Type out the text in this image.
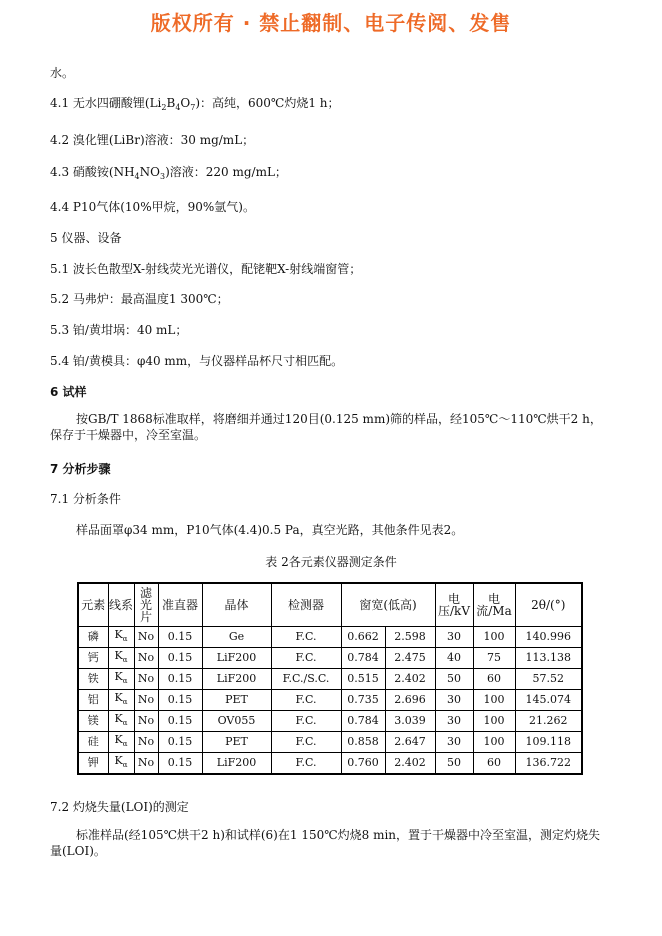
版权所有 · 禁止翻制、电子传阅、发售
水。
4.1 无水四硼酸锂$(Li_2B_4O_7)$：高纯，600℃灼烧1 h；
4.2 溴化锂(LiBr)溶液：30 mg/mL；
4.3 硝酸铵$(NH_4NO_3)$溶液：220 mg/mL；
4.4 P10气体(10%甲烷，90%氩气)。
5 仪器、设备
5.1 波长色散型X-射线荧光光谱仪，配铑靶X-射线端窗管；
5.2 马弗炉：最高温度1 300℃；
5.3 铂/黄坩埚：40 mL；
5.4 铂/黄模具：φ40 mm，与仪器样品杯尺寸相匹配。
6 试样
按GB/T 1868标准取样，将磨细并通过120目(0.125 mm)筛的样品，经105℃～110℃烘干2 h，保存于干燥器中，冷至室温。
7 分析步骤
7.1 分析条件
样品面罩φ34 mm，P10气体(4.4)0.5 Pa，真空光路，其他条件见表2。
表 2各元素仪器测定条件
元素	线系	滤光片	准直器	晶体	检测器	窗宽(低高)		电压/kV	电流/Ma	2θ/(°)
磷	$K_\alpha$	No	0.15	Ge	F.C.	0.662	2.598	30	100	140.996
钙	$K_\alpha$	No	0.15	LiF200	F.C.	0.784	2.475	40	75	113.138
铁	$K_\alpha$	No	0.15	LiF200	F.C./S.C.	0.515	2.402	50	60	57.52
铝	$K_\alpha$	No	0.15	PET	F.C.	0.735	2.696	30	100	145.074
镁	$K_\alpha$	No	0.15	OV055	F.C.	0.784	3.039	30	100	21.262
硅	$K_\alpha$	No	0.15	PET	F.C.	0.858	2.647	30	100	109.118
钾	$K_\alpha$	No	0.15	LiF200	F.C.	0.760	2.402	50	60	136.722
7.2 灼烧失量(LOI)的测定
标准样品(经105℃烘干2 h)和试样(6)在1 150℃灼烧8 min，置于干燥器中冷至室温，测定灼烧失量(LOI)。
